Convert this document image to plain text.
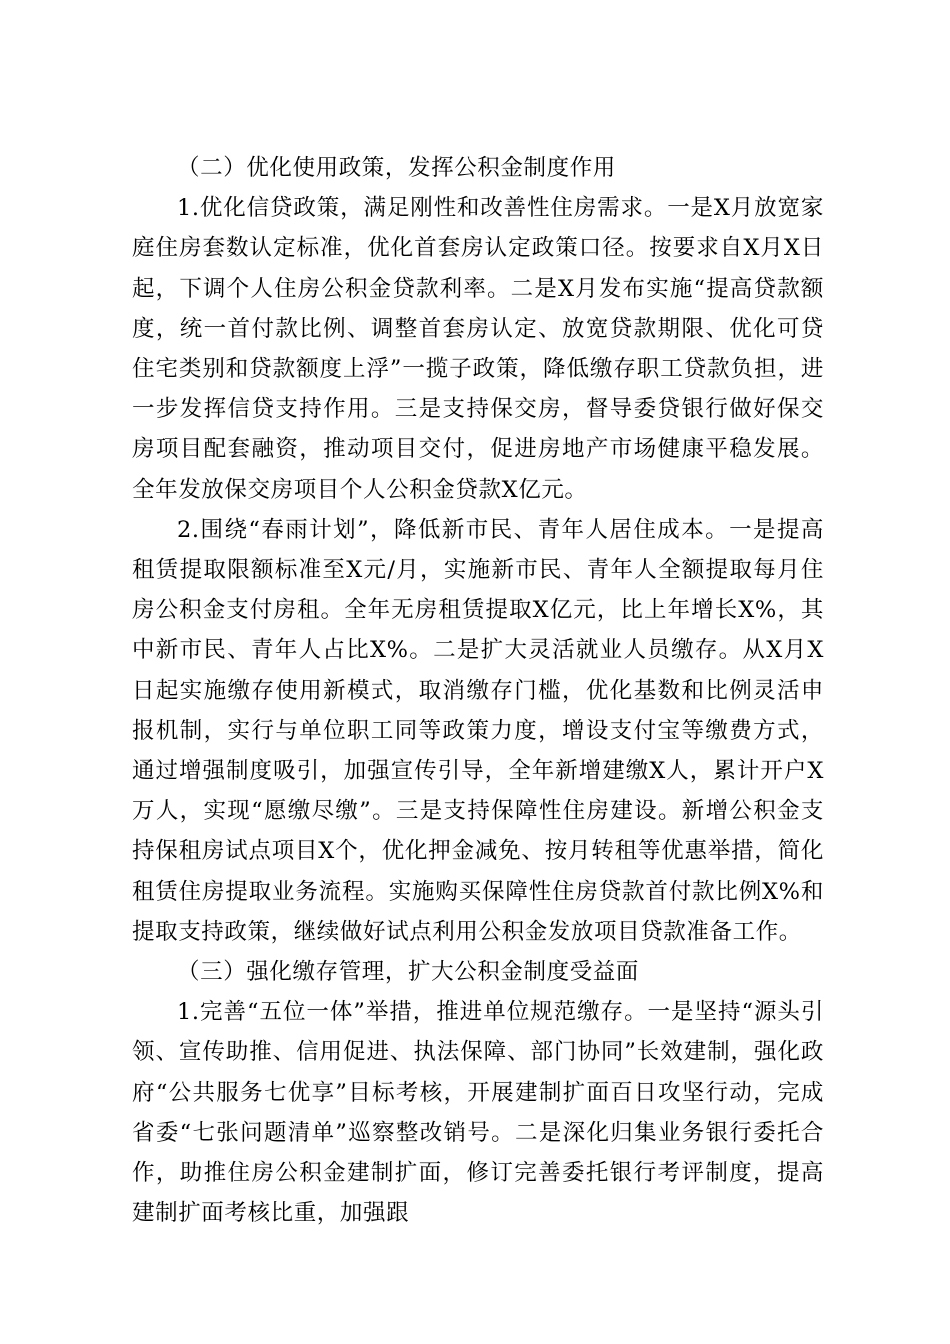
（二）优化使用政策，发挥公积金制度作用

1.优化信贷政策，满足刚性和改善性住房需求。一是X月放宽家庭住房套数认定标准，优化首套房认定政策口径。按要求自X月X日起，下调个人住房公积金贷款利率。二是X月发布实施“提高贷款额度，统一首付款比例、调整首套房认定、放宽贷款期限、优化可贷住宅类别和贷款额度上浮”一揽子政策，降低缴存职工贷款负担，进一步发挥信贷支持作用。三是支持保交房，督导委贷银行做好保交房项目配套融资，推动项目交付，促进房地产市场健康平稳发展。全年发放保交房项目个人公积金贷款X亿元。

2.围绕“春雨计划”，降低新市民、青年人居住成本。一是提高租赁提取限额标准至X元/月，实施新市民、青年人全额提取每月住房公积金支付房租。全年无房租赁提取X亿元，比上年增长X%，其中新市民、青年人占比X%。二是扩大灵活就业人员缴存。从X月X日起实施缴存使用新模式，取消缴存门槛，优化基数和比例灵活申报机制，实行与单位职工同等政策力度，增设支付宝等缴费方式，通过增强制度吸引，加强宣传引导，全年新增建缴X人，累计开户X万人，实现“愿缴尽缴”。三是支持保障性住房建设。新增公积金支持保租房试点项目X个，优化押金减免、按月转租等优惠举措，简化租赁住房提取业务流程。实施购买保障性住房贷款首付款比例X%和提取支持政策，继续做好试点利用公积金发放项目贷款准备工作。

（三）强化缴存管理，扩大公积金制度受益面

1.完善“五位一体”举措，推进单位规范缴存。一是坚持“源头引领、宣传助推、信用促进、执法保障、部门协同”长效建制，强化政府“公共服务七优享”目标考核，开展建制扩面百日攻坚行动，完成省委“七张问题清单”巡察整改销号。二是深化归集业务银行委托合作，助推住房公积金建制扩面，修订完善委托银行考评制度，提高建制扩面考核比重，加强跟
